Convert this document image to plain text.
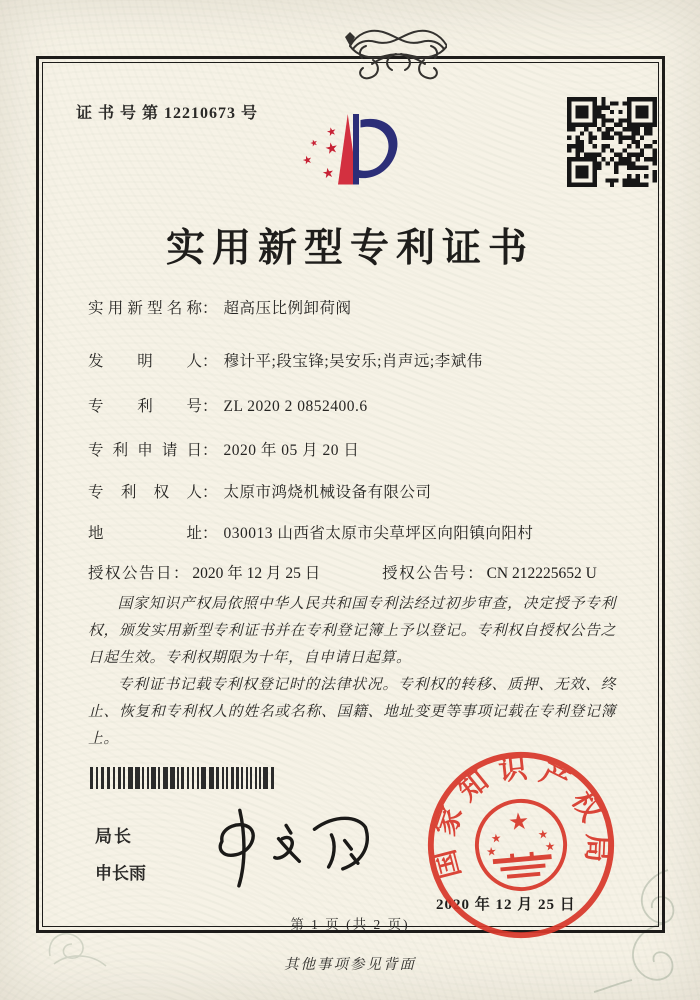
证 书 号 第 12210673 号
★
★ ★
★
★
实用新型专利证书
实用新型名称： 超高压比例卸荷阀
发明人： 穆计平;段宝锋;吴安乐;肖声远;李斌伟
专利号： ZL 2020 2 0852400.6
专利申请日： 2020 年 05 月 20 日
专利权人： 太原市鸿烧机械设备有限公司
地址： 030013 山西省太原市尖草坪区向阳镇向阳村
授权公告日： 2020 年 12 月 25 日	授权公告号： CN 212225652 U

国家知识产权局依照中华人民共和国专利法经过初步审查，决定授予专利权，颁发实用新型专利证书并在专利登记簿上予以登记。专利权自授权公告之日起生效。专利权期限为十年，自申请日起算。

专利证书记载专利权登记时的法律状况。专利权的转移、质押、无效、终止、恢复和专利权人的姓名或名称、国籍、地址变更等事项记载在专利登记簿上。

局长
申长雨
2020 年 12 月 25 日
国家知识产权局
★
★	★
★	★
第 1 页 (共 2 页)
其他事项参见背面
